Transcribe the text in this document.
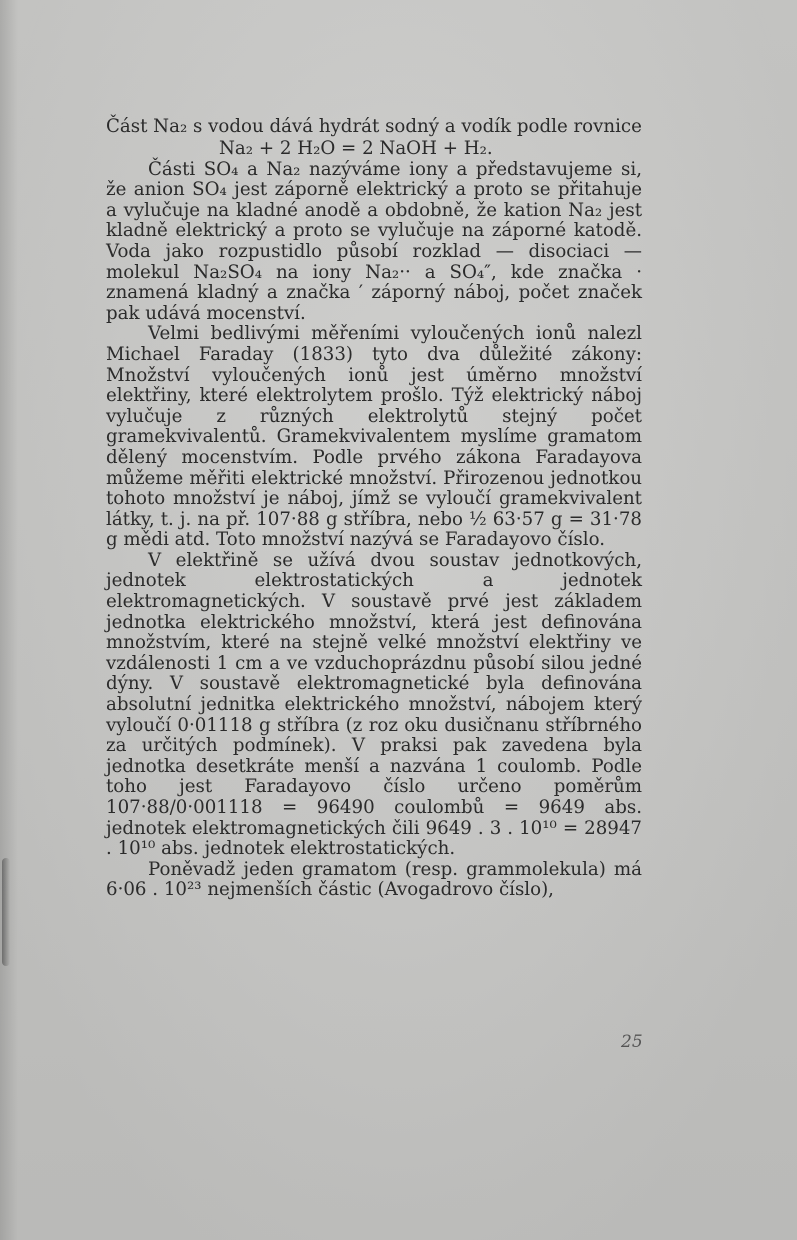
Část Na₂ s vodou dává hydrát sodný a vodík podle rovnice

Na₂ + 2 H₂O = 2 NaOH + H₂.

Části SO₄ a Na₂ nazýváme iony a představujeme si, že anion SO₄ jest záporně elektrický a proto se přitahuje a vylučuje na kladné anodě a obdobně, že kation Na₂ jest kladně elektrický a proto se vylučuje na záporné katodě. Voda jako rozpustidlo působí rozklad — disociaci — molekul Na₂SO₄ na iony Na₂·· a SO₄″, kde značka · znamená kladný a značka ′ záporný náboj, počet značek pak udává mocenství.

Velmi bedlivými měřeními vyloučených ionů nalezl Michael Faraday (1833) tyto dva důležité zákony: Množství vyloučených ionů jest úměrno množství elektřiny, které elektrolytem prošlo. Týž elektrický náboj vylučuje z různých elektrolytů stejný počet gramekvivalentů. Gramekvivalentem myslíme gramatom dělený mocenstvím. Podle prvého zákona Faradayova můžeme měřiti elektrické množství. Přirozenou jednotkou tohoto množství je náboj, jímž se vyloučí gramekvivalent látky, t. j. na př. 107·88 g stříbra, nebo ½ 63·57 g = 31·78 g mědi atd. Toto množství nazývá se Faradayovo číslo.

V elektřině se užívá dvou soustav jednotkových, jednotek elektrostatických a jednotek elektromagnetických. V soustavě prvé jest základem jednotka elektrického množství, která jest definována množstvím, které na stejně velké množství elektřiny ve vzdálenosti 1 cm a ve vzduchoprázdnu působí silou jedné dýny. V soustavě elektromagnetické byla definována absolutní jednitka elektrického množství, nábojem který vyloučí 0·01118 g stříbra (z roz oku dusičnanu stříbrného za určitých podmínek). V praksi pak zavedena byla jednotka desetkráte menší a nazvána 1 coulomb. Podle toho jest Faradayovo číslo určeno poměrům 107·88/0·001118 = 96490 coulombů = 9649 abs. jednotek elektromagnetických čili 9649 . 3 . 10¹⁰ = 28947 . 10¹⁰ abs. jednotek elektrostatických.

Poněvadž jeden gramatom (resp. grammolekula) má 6·06 . 10²³ nejmenších částic (Avogadrovo číslo),

25
